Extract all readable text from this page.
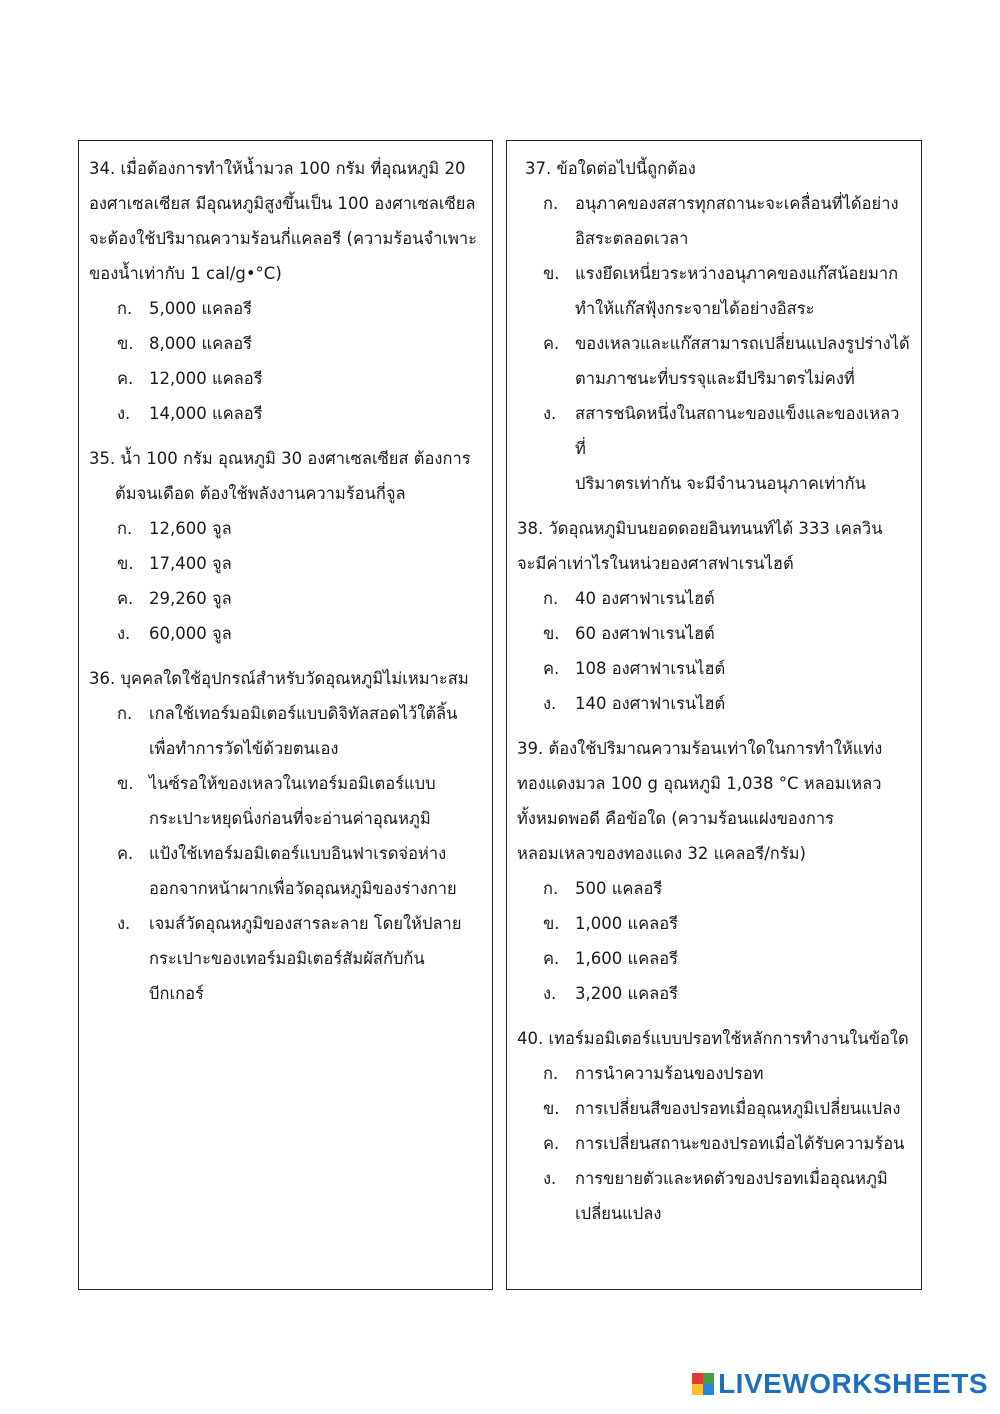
34. เมื่อต้องการทำให้น้ำมวล 100 กรัม ที่อุณหภูมิ 20
องศาเซลเซียส มีอุณหภูมิสูงขึ้นเป็น 100 องศาเซลเซียล
จะต้องใช้ปริมาณความร้อนกี่แคลอรี (ความร้อนจำเพาะ
ของน้ำเท่ากับ 1 cal/g•°C)
ก.	5,000 แคลอรี
ข. 8,000 แคลอรี
ค. 12,000 แคลอรี
ง.	14,000 แคลอรี
35. น้ำ 100 กรัม อุณหภูมิ 30 องศาเซลเซียส ต้องการ
ต้มจนเดือด ต้องใช้พลังงานความร้อนกี่จูล
ก.	12,600 จูล
ข. 17,400 จูล
ค. 29,260 จูล
ง.	60,000 จูล
36. บุคคลใดใช้อุปกรณ์สำหรับวัดอุณหภูมิไม่เหมาะสม
ก.	เกลใช้เทอร์มอมิเตอร์แบบดิจิทัลสอดไว้ใต้ลิ้น
เพื่อทำการวัดไข้ด้วยตนเอง
ข. ไนซ์รอให้ของเหลวในเทอร์มอมิเตอร์แบบ
กระเปาะหยุดนิ่งก่อนที่จะอ่านค่าอุณหภูมิ
ค. แป้งใช้เทอร์มอมิเตอร์แบบอินฟาเรดจ่อห่าง
ออกจากหน้าผากเพื่อวัดอุณหภูมิของร่างกาย
ง.	เจมส์วัดอุณหภูมิของสารละลาย โดยให้ปลาย
กระเปาะของเทอร์มอมิเตอร์สัมผัสกับก้น
บีกเกอร์
37. ข้อใดต่อไปนี้ถูกต้อง
ก.	อนุภาคของสสารทุกสถานะจะเคลื่อนที่ได้อย่าง
อิสระตลอดเวลา
ข. แรงยึดเหนี่ยวระหว่างอนุภาคของแก๊สน้อยมาก
ทำให้แก๊สฟุ้งกระจายได้อย่างอิสระ
ค. ของเหลวและแก๊สสามารถเปลี่ยนแปลงรูปร่างได้
ตามภาชนะที่บรรจุและมีปริมาตรไม่คงที่
ง.	สสารชนิดหนึ่งในสถานะของแข็งและของเหลว ที่
ปริมาตรเท่ากัน จะมีจำนวนอนุภาคเท่ากัน
38. วัดอุณหภูมิบนยอดดอยอินทนนท์ได้ 333 เคลวิน
จะมีค่าเท่าไรในหน่วยองศาสฟาเรนไฮต์
ก.	40 องศาฟาเรนไฮต์
ข. 60 องศาฟาเรนไฮต์
ค. 108 องศาฟาเรนไฮต์
ง.	140 องศาฟาเรนไฮต์
39. ต้องใช้ปริมาณความร้อนเท่าใดในการทำให้แท่ง
ทองแดงมวล 100 g อุณหภูมิ 1,038 °C หลอมเหลว
ทั้งหมดพอดี คือข้อใด (ความร้อนแฝงของการ
หลอมเหลวของทองแดง 32 แคลอรี/กรัม)
ก.	500 แคลอรี
ข. 1,000 แคลอรี
ค. 1,600 แคลอรี
ง.	3,200 แคลอรี
40. เทอร์มอมิเตอร์แบบปรอทใช้หลักการทำงานในข้อใด
ก.	การนำความร้อนของปรอท
ข. การเปลี่ยนสีของปรอทเมื่ออุณหภูมิเปลี่ยนแปลง
ค. การเปลี่ยนสถานะของปรอทเมื่อได้รับความร้อน
ง.	การขยายตัวและหดตัวของปรอทเมื่ออุณหภูมิ
เปลี่ยนแปลง
LIVEWORKSHEETS
